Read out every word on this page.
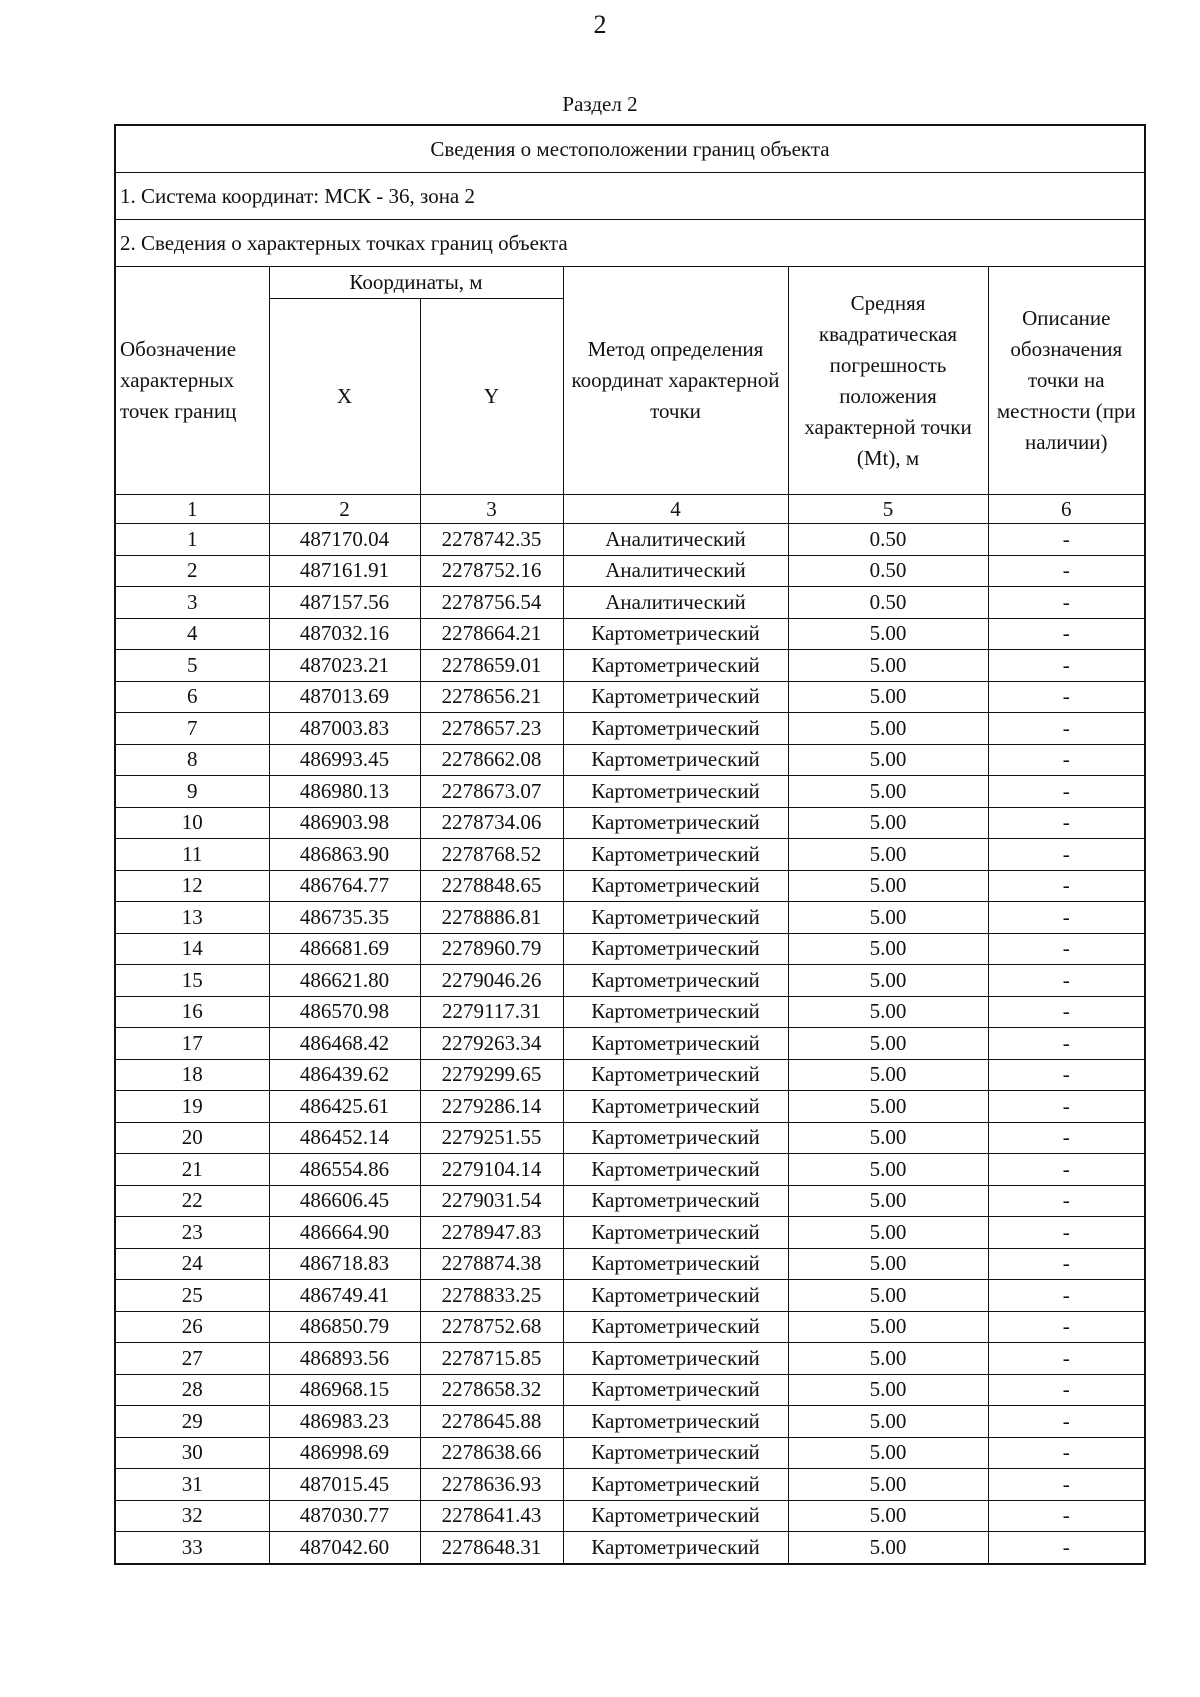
2
Раздел 2
Сведения о местоположении границ объекта					
1. Система координат: МСК - 36, зона 2					
2. Сведения о характерных точках границ объекта					
Обозначение характерных точек границ	Координаты, м		Метод определения координат характерной точки	Средняя квадратическая погрешность положения характерной точки (Mt), м	Описание обозначения точки на местности (при наличии)
	X	Y			
1	2	3	4	5	6
1	487170.04	2278742.35	Аналитический	0.50	-
2	487161.91	2278752.16	Аналитический	0.50	-
3	487157.56	2278756.54	Аналитический	0.50	-
4	487032.16	2278664.21	Картометрический	5.00	-
5	487023.21	2278659.01	Картометрический	5.00	-
6	487013.69	2278656.21	Картометрический	5.00	-
7	487003.83	2278657.23	Картометрический	5.00	-
8	486993.45	2278662.08	Картометрический	5.00	-
9	486980.13	2278673.07	Картометрический	5.00	-
10	486903.98	2278734.06	Картометрический	5.00	-
11	486863.90	2278768.52	Картометрический	5.00	-
12	486764.77	2278848.65	Картометрический	5.00	-
13	486735.35	2278886.81	Картометрический	5.00	-
14	486681.69	2278960.79	Картометрический	5.00	-
15	486621.80	2279046.26	Картометрический	5.00	-
16	486570.98	2279117.31	Картометрический	5.00	-
17	486468.42	2279263.34	Картометрический	5.00	-
18	486439.62	2279299.65	Картометрический	5.00	-
19	486425.61	2279286.14	Картометрический	5.00	-
20	486452.14	2279251.55	Картометрический	5.00	-
21	486554.86	2279104.14	Картометрический	5.00	-
22	486606.45	2279031.54	Картометрический	5.00	-
23	486664.90	2278947.83	Картометрический	5.00	-
24	486718.83	2278874.38	Картометрический	5.00	-
25	486749.41	2278833.25	Картометрический	5.00	-
26	486850.79	2278752.68	Картометрический	5.00	-
27	486893.56	2278715.85	Картометрический	5.00	-
28	486968.15	2278658.32	Картометрический	5.00	-
29	486983.23	2278645.88	Картометрический	5.00	-
30	486998.69	2278638.66	Картометрический	5.00	-
31	487015.45	2278636.93	Картометрический	5.00	-
32	487030.77	2278641.43	Картометрический	5.00	-
33	487042.60	2278648.31	Картометрический	5.00	-
